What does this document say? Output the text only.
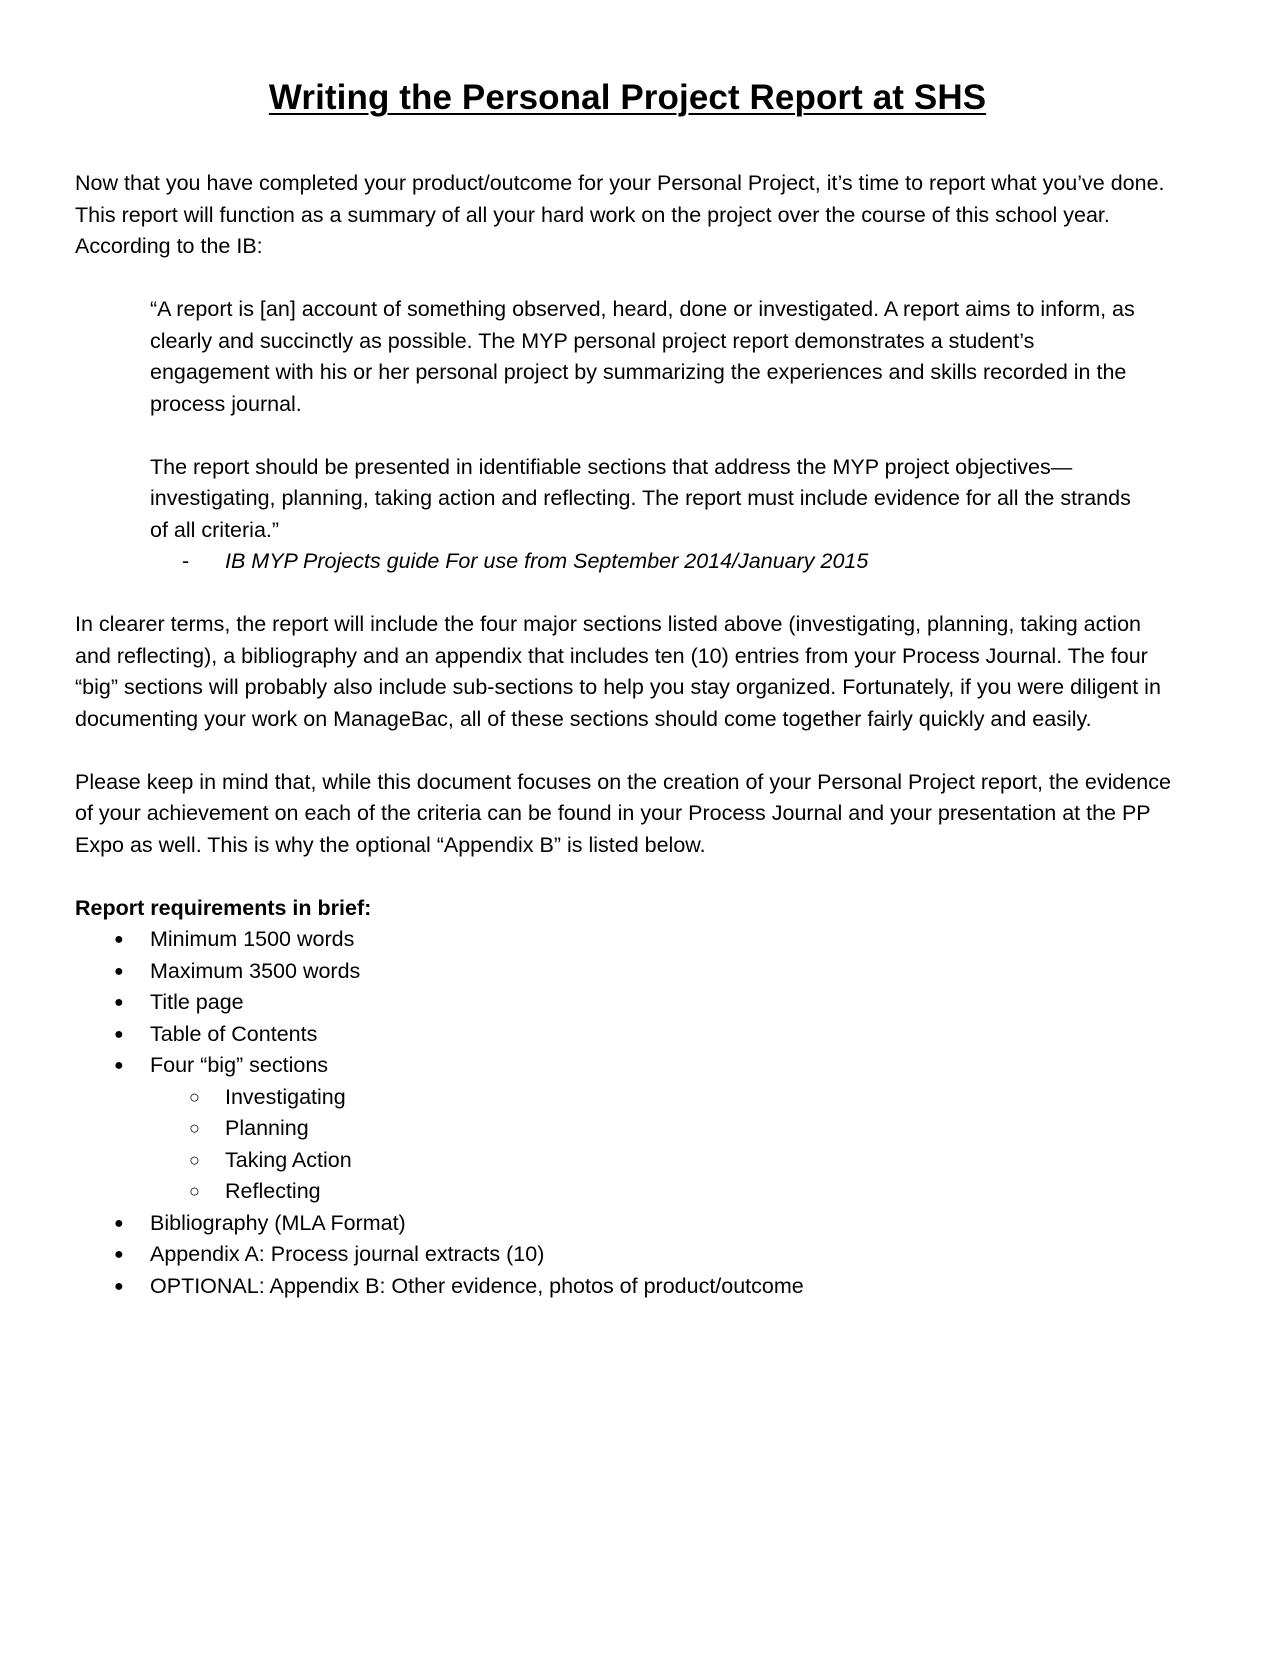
Writing the Personal Project Report at SHS

Now that you have completed your product/outcome for your Personal Project, it’s time to report what you’ve done. This report will function as a summary of all your hard work on the project over the course of this school year. According to the IB:

“A report is [an] account of something observed, heard, done or investigated. A report aims to inform, as clearly and succinctly as possible. The MYP personal project report demonstrates a student’s engagement with his or her personal project by summarizing the experiences and skills recorded in the process journal.

The report should be presented in identifiable sections that address the MYP project objectives—investigating, planning, taking action and reflecting. The report must include evidence for all the strands of all criteria.”

-	IB MYP Projects guide For use from September 2014/January 2015

In clearer terms, the report will include the four major sections listed above (investigating, planning, taking action and reflecting), a bibliography and an appendix that includes ten (10) entries from your Process Journal. The four “big” sections will probably also include sub-sections to help you stay organized. Fortunately, if you were diligent in documenting your work on ManageBac, all of these sections should come together fairly quickly and easily.

Please keep in mind that, while this document focuses on the creation of your Personal Project report, the evidence of your achievement on each of the criteria can be found in your Process Journal and your presentation at the PP Expo as well. This is why the optional “Appendix B” is listed below.

Report requirements in brief:

●	Minimum 1500 words
●	Maximum 3500 words
●	Title page
●	Table of Contents
●	Four “big” sections
○	Investigating
○	Planning
○	Taking Action
○	Reflecting
●	Bibliography (MLA Format)
●	Appendix A: Process journal extracts (10)
●	OPTIONAL: Appendix B: Other evidence, photos of product/outcome
